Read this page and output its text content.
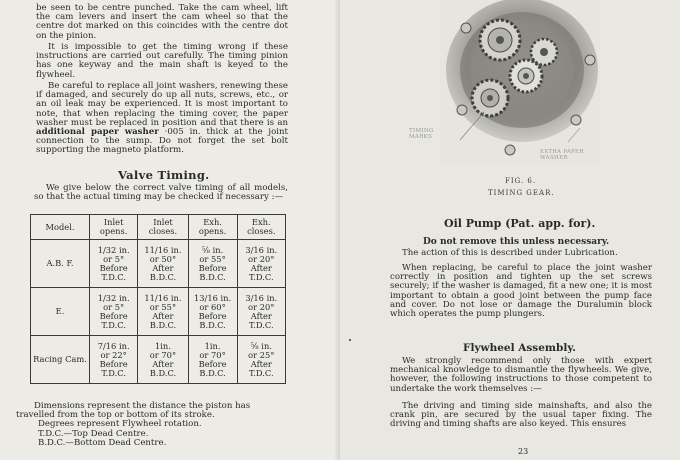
be seen to be centre punched. Take the cam wheel, lift the cam levers and insert the cam wheel so that the centre dot marked on this coincides with the centre dot on the pinion.

It is impossible to get the timing wrong if these instructions are carried out carefully. The timing pinion has one keyway and the main shaft is keyed to the flywheel.

Be careful to replace all joint washers, renewing these if damaged, and securely do up all nuts, screws, etc., or an oil leak may be experienced. It is most important to note, that when replacing the timing cover, the paper washer must be replaced in position and that there is an additional paper washer ·005 in. thick at the joint connection to the sump. Do not forget the set bolt supporting the magneto platform.

Valve Timing.

We give below the correct valve timing of all models, so that the actual timing may be checked if necessary :—

Model.	Inlet opens.	Inlet closes.	Exh. opens.	Exh. closes.
A.B. F.	1/32 in.
or 5°
Before
T.D.C.	11/16 in.
or 50°
After
B.D.C.	⅝ in.
or 55°
Before
B.D.C.	3/16 in.
or 20°
After
T.D.C.

E.	1/32 in.
or 5°
Before
T.D.C.	11/16 in.
or 55°
After
B.D.C.	13/16 in.
or 60°
Before
B.D.C.	3/16 in.
or 20°
After
T.D.C.

Racing Cam.	7/16 in.
or 22°
Before
T.D.C.	1in.
or 70°
After
B.D.C.	1in.
or 70°
Before
B.D.C.	⅝ in.
or 25°
After
T.D.C.
Dimensions represent the distance the piston has
travelled from the top or bottom of its stroke.
Degrees represent Flywheel rotation.
T.D.C.—Top Dead Centre.
B.D.C.—Bottom Dead Centre.
TIMING MARKS
EXTRA PAPER WASHER
FIG. 6.
TIMING GEAR.
Oil Pump (Pat. app. for).
Do not remove this unless necessary.

The action of this is described under Lubrication.

When replacing, be careful to place the joint washer correctly in position and tighten up the set screws securely; if the washer is damaged, fit a new one; it is most important to obtain a good joint between the pump face and cover. Do not lose or damage the Duralumin block which operates the pump plungers.

Flywheel Assembly.

We strongly recommend only those with expert mechanical knowledge to dismantle the flywheels. We give, however, the following instructions to those competent to undertake the work themselves :—

The driving and timing side mainshafts, and also the crank pin, are secured by the usual taper fixing. The driving and timing shafts are also keyed. This ensures

23
